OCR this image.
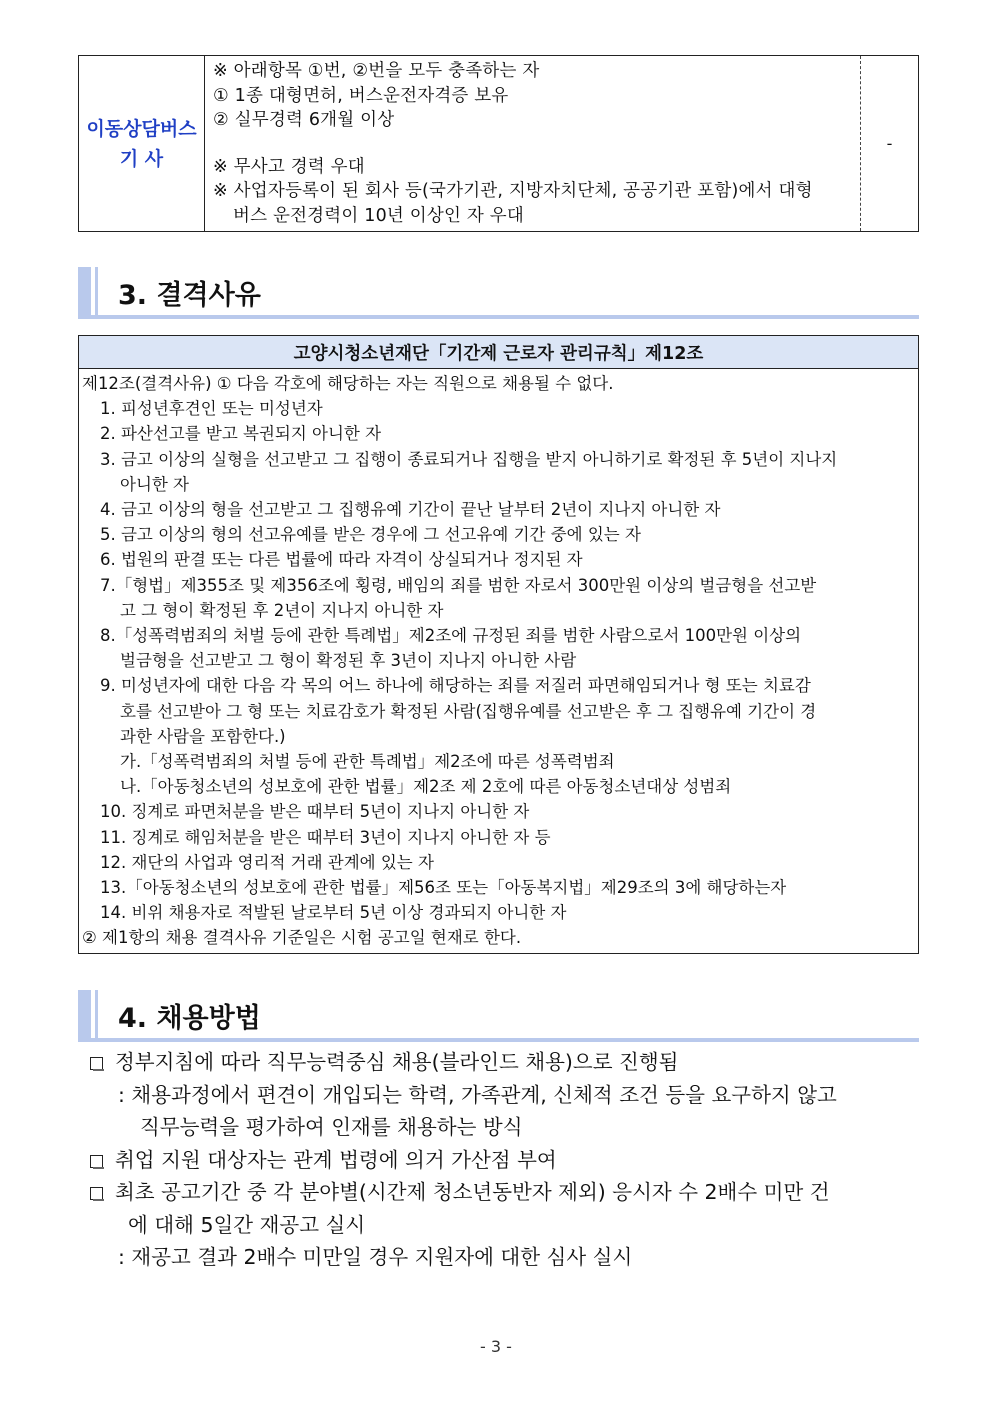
이동상담버스
기 사
※ 아래항목 ①번, ②번을 모두 충족하는 자
① 1종 대형면허, 버스운전자격증 보유
② 실무경력 6개월 이상
※ 무사고 경력 우대
※ 사업자등록이 된 회사 등(국가기관, 지방자치단체, 공공기관 포함)에서 대형
버스 운전경력이 10년 이상인 자 우대
-
3. 결격사유
고양시청소년재단「기간제 근로자 관리규칙」제12조
제12조(결격사유) ① 다음 각호에 해당하는 자는 직원으로 채용될 수 없다.
1. 피성년후견인 또는 미성년자
2. 파산선고를 받고 복권되지 아니한 자
3. 금고 이상의 실형을 선고받고 그 집행이 종료되거나 집행을 받지 아니하기로 확정된 후 5년이 지나지
아니한 자
4. 금고 이상의 형을 선고받고 그 집행유예 기간이 끝난 날부터 2년이 지나지 아니한 자
5. 금고 이상의 형의 선고유예를 받은 경우에 그 선고유예 기간 중에 있는 자
6. 법원의 판결 또는 다른 법률에 따라 자격이 상실되거나 정지된 자
7.「형법」제355조 및 제356조에 횡령, 배임의 죄를 범한 자로서 300만원 이상의 벌금형을 선고받
고 그 형이 확정된 후 2년이 지나지 아니한 자
8.「성폭력범죄의 처벌 등에 관한 특례법」제2조에 규정된 죄를 범한 사람으로서 100만원 이상의
벌금형을 선고받고 그 형이 확정된 후 3년이 지나지 아니한 사람
9. 미성년자에 대한 다음 각 목의 어느 하나에 해당하는 죄를 저질러 파면해임되거나 형 또는 치료감
호를 선고받아 그 형 또는 치료감호가 확정된 사람(집행유예를 선고받은 후 그 집행유예 기간이 경
과한 사람을 포함한다.)
가.「성폭력범죄의 처벌 등에 관한 특례법」제2조에 따른 성폭력범죄
나.「아동청소년의 성보호에 관한 법률」제2조 제 2호에 따른 아동청소년대상 성범죄
10. 징계로 파면처분을 받은 때부터 5년이 지나지 아니한 자
11. 징계로 해임처분을 받은 때부터 3년이 지나지 아니한 자 등
12. 재단의 사업과 영리적 거래 관계에 있는 자
13.「아동청소년의 성보호에 관한 법률」제56조 또는「아동복지법」제29조의 3에 해당하는자
14. 비위 채용자로 적발된 날로부터 5년 이상 경과되지 아니한 자
② 제1항의 채용 결격사유 기준일은 시험 공고일 현재로 한다.
4. 채용방법
정부지침에 따라 직무능력중심 채용(블라인드 채용)으로 진행됨
: 채용과정에서 편견이 개입되는 학력, 가족관계, 신체적 조건 등을 요구하지 않고
직무능력을 평가하여 인재를 채용하는 방식
취업 지원 대상자는 관계 법령에 의거 가산점 부여
최초 공고기간 중 각 분야별(시간제 청소년동반자 제외) 응시자 수 2배수 미만 건
에 대해 5일간 재공고 실시
: 재공고 결과 2배수 미만일 경우 지원자에 대한 심사 실시
- 3 -
